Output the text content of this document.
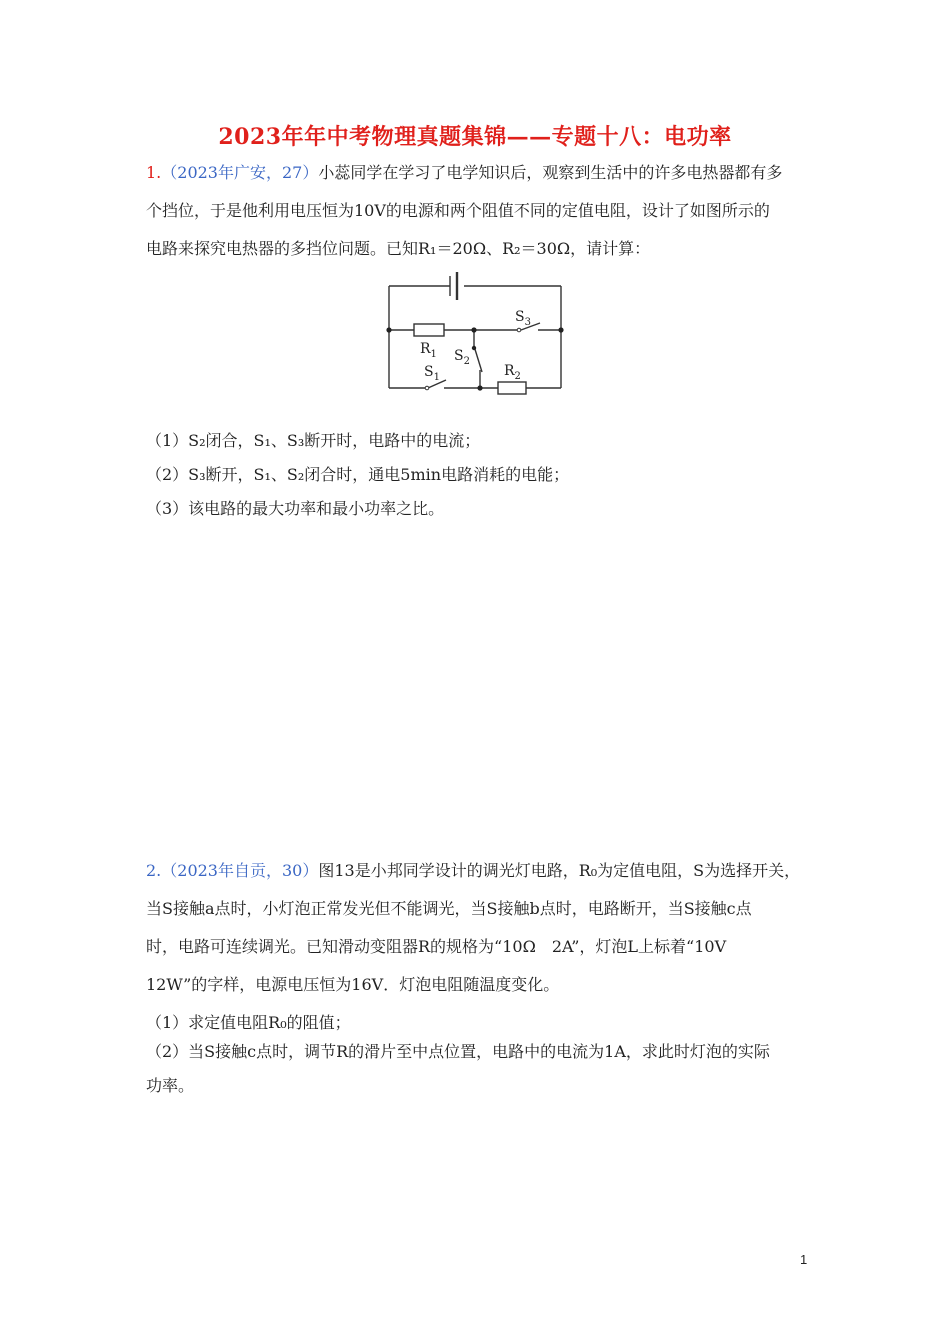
2023年年中考物理真题集锦——专题十八：电功率
1.（2023年广安，27）小蕊同学在学习了电学知识后，观察到生活中的许多电热器都有多
个挡位，于是他利用电压恒为10V的电源和两个阻值不同的定值电阻，设计了如图所示的
电路来探究电热器的多挡位问题。已知R₁＝20Ω、R₂＝30Ω，请计算：
$R_1$ $S_2$
$S_3$
$S_1$	$R_2$
（1）S₂闭合，S₁、S₃断开时，电路中的电流；
（2）S₃断开，S₁、S₂闭合时，通电5min电路消耗的电能；
（3）该电路的最大功率和最小功率之比。
2.（2023年自贡，30）图13是小邦同学设计的调光灯电路，R₀为定值电阻，S为选择开关，
当S接触a点时，小灯泡正常发光但不能调光，当S接触b点时，电路断开，当S接触c点
时，电路可连续调光。已知滑动变阻器R的规格为“10Ω　2A”，灯泡L上标着“10V
12W”的字样，电源电压恒为16V．灯泡电阻随温度变化。
（1）求定值电阻R₀的阻值；
（2）当S接触c点时，调节R的滑片至中点位置，电路中的电流为1A，求此时灯泡的实际
功率。
1
